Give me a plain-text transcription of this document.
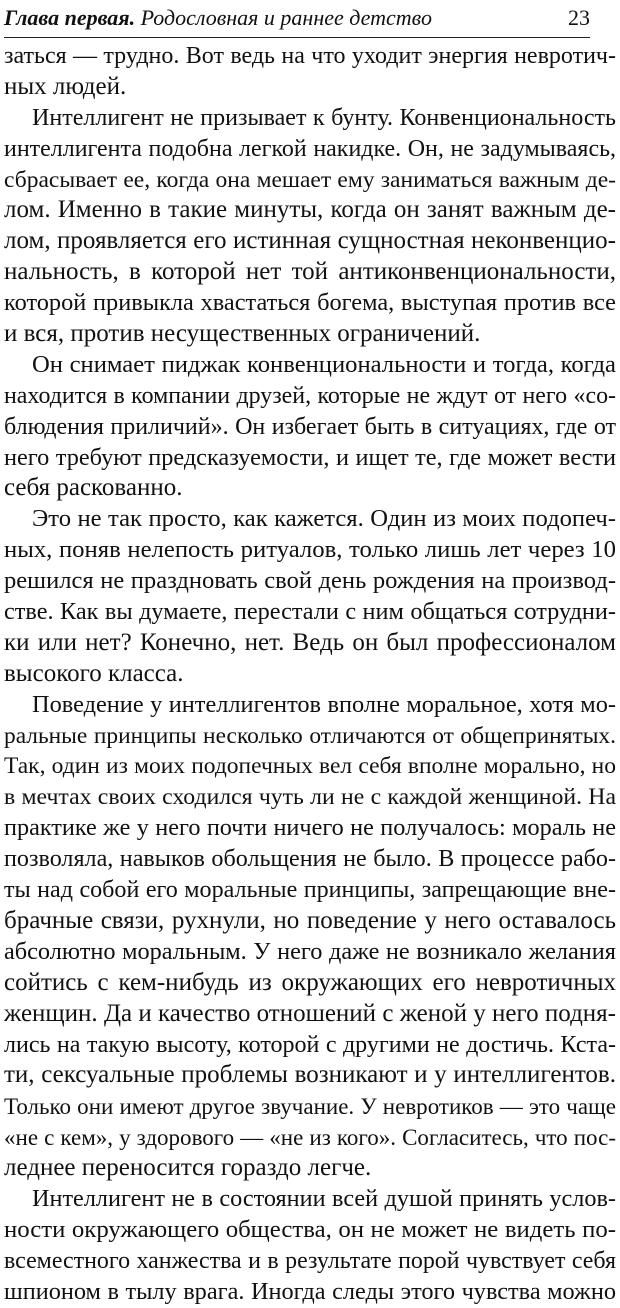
Глава первая. Родословная и раннее детство	23
заться — трудно. Вот ведь на что уходит энергия невротич-
ных людей.
Интеллигент не призывает к бунту. Конвенциональность
интеллигента подобна легкой накидке. Он, не задумываясь,
сбрасывает ее, когда она мешает ему заниматься важным де-
лом. Именно в такие минуты, когда он занят важным де-
лом, проявляется его истинная сущностная неконвенцио-
нальность, в которой нет той антиконвенциональности,
которой привыкла хвастаться богема, выступая против все
и вся, против несущественных ограничений.
Он снимает пиджак конвенциональности и тогда, когда
находится в компании друзей, которые не ждут от него «со-
блюдения приличий». Он избегает быть в ситуациях, где от
него требуют предсказуемости, и ищет те, где может вести
себя раскованно.
Это не так просто, как кажется. Один из моих подопеч-
ных, поняв нелепость ритуалов, только лишь лет через 10
решился не праздновать свой день рождения на производ-
стве. Как вы думаете, перестали с ним общаться сотрудни-
ки или нет? Конечно, нет. Ведь он был профессионалом
высокого класса.
Поведение у интеллигентов вполне моральное, хотя мо-
ральные принципы несколько отличаются от общепринятых.
Так, один из моих подопечных вел себя вполне морально, но
в мечтах своих сходился чуть ли не с каждой женщиной. На
практике же у него почти ничего не получалось: мораль не
позволяла, навыков обольщения не было. В процессе рабо-
ты над собой его моральные принципы, запрещающие вне-
брачные связи, рухнули, но поведение у него оставалось
абсолютно моральным. У него даже не возникало желания
сойтись с кем-нибудь из окружающих его невротичных
женщин. Да и качество отношений с женой у него подня-
лись на такую высоту, которой с другими не достичь. Кста-
ти, сексуальные проблемы возникают и у интеллигентов.
Только они имеют другое звучание. У невротиков — это чаще
«не с кем», у здорового — «не из кого». Согласитесь, что пос-
леднее переносится гораздо легче.
Интеллигент не в состоянии всей душой принять услов-
ности окружающего общества, он не может не видеть по-
всеместного ханжества и в результате порой чувствует себя
шпионом в тылу врага. Иногда следы этого чувства можно
